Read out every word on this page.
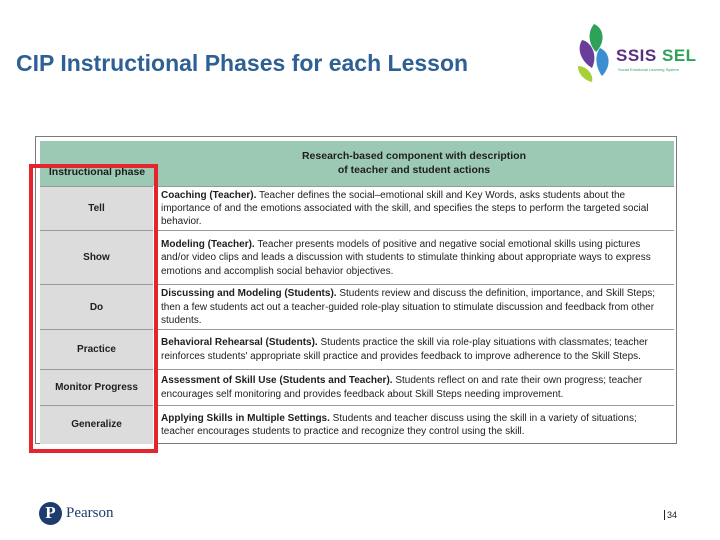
CIP Instructional Phases for each Lesson	SSIS SEL
Social Emotional Learning System
Instructional phase	Research-based component with description
of teacher and student actions
Tell	Coaching (Teacher). Teacher defines the social–emotional skill and Key Words, asks students about the importance of and the emotions associated with the skill, and specifies the steps to perform the targeted social behavior.
Show	Modeling (Teacher). Teacher presents models of positive and negative social emotional skills using pictures and/or video clips and leads a discussion with students to stimulate thinking about appropriate ways to express emotions and accomplish social behavior objectives.
Do	Discussing and Modeling (Students). Students review and discuss the definition, importance, and Skill Steps; then a few students act out a teacher-guided role-play situation to stimulate discussion and feedback from other students.
Practice	Behavioral Rehearsal (Students). Students practice the skill via role-play situations with classmates; teacher reinforces students' appropriate skill practice and provides feedback to improve adherence to the Skill Steps.
Monitor Progress	Assessment of Skill Use (Students and Teacher). Students reflect on and rate their own progress; teacher encourages self monitoring and provides feedback about Skill Steps needing improvement.
Generalize	Applying Skills in Multiple Settings. Students and teacher discuss using the skill in a variety of situations; teacher encourages students to practice and recognize they control using the skill.
P Pearson	34
